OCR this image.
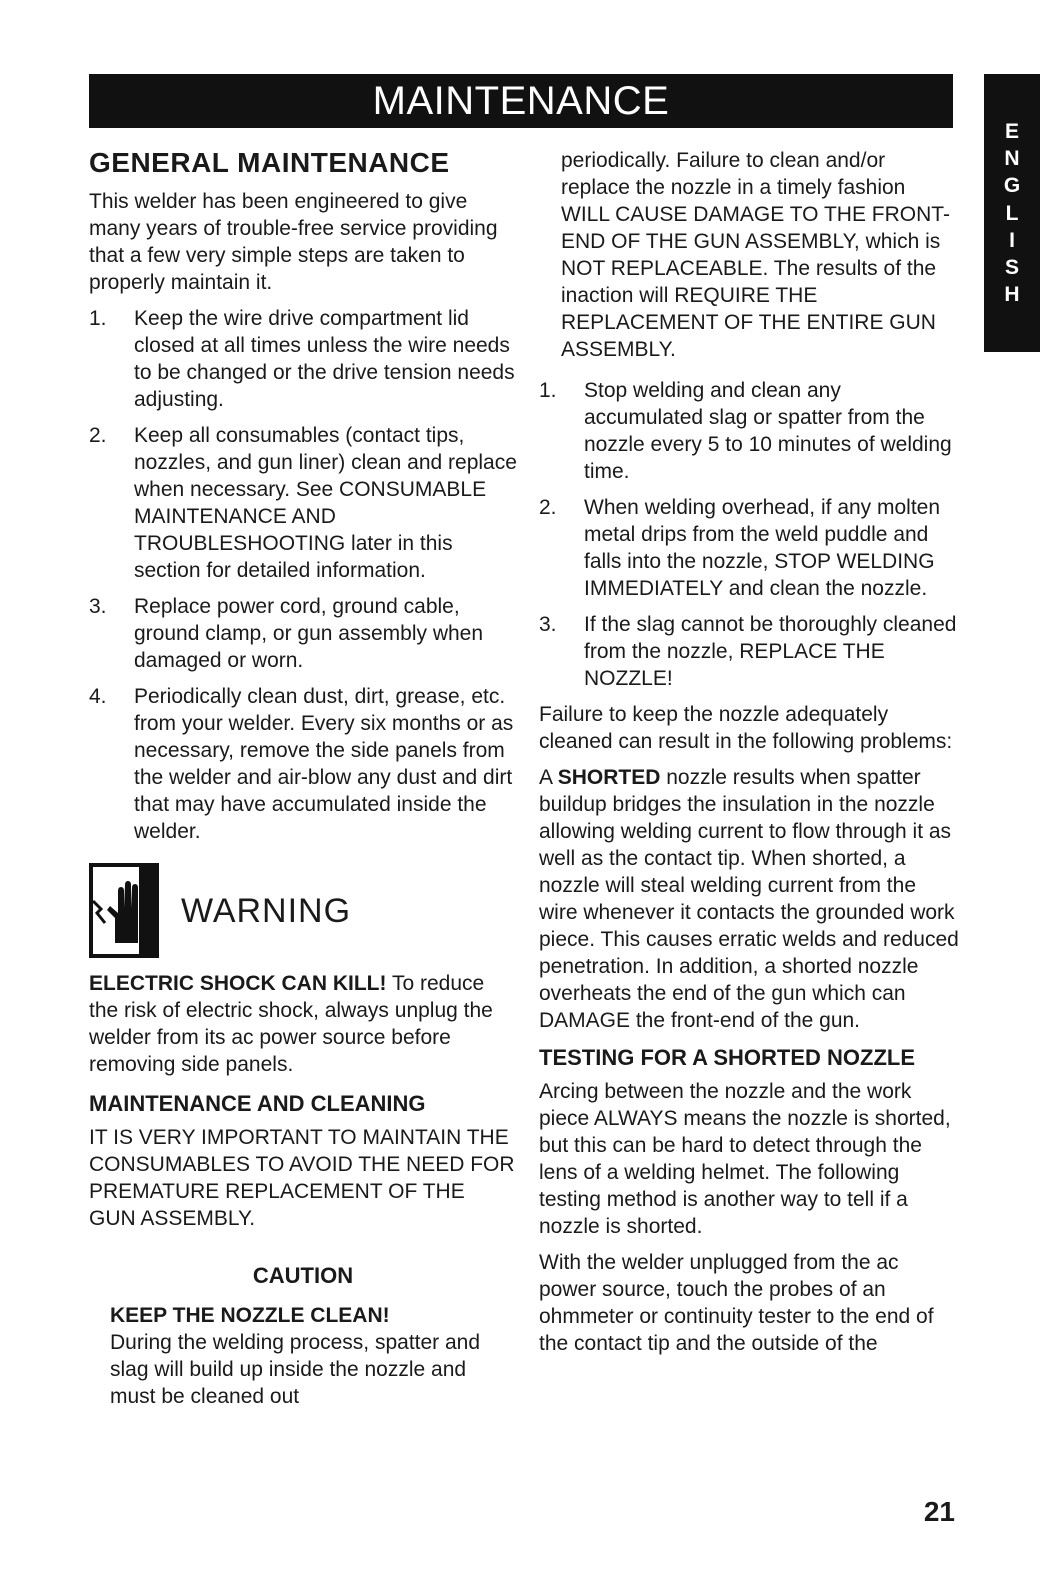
MAINTENANCE
E
N
G
L
I
S
H
GENERAL MAINTENANCE

This welder has been engineered to give many years of trouble-free service providing that a few very simple steps are taken to properly maintain it.

1.	Keep the wire drive compartment lid closed at all times unless the wire needs to be changed or the drive tension needs adjusting.
2.	Keep all consumables (contact tips, nozzles, and gun liner) clean and replace when necessary. See CONSUMABLE MAINTENANCE AND TROUBLESHOOTING later in this section for detailed information.
3.	Replace power cord, ground cable, ground clamp, or gun assembly when damaged or worn.
4.	Periodically clean dust, dirt, grease, etc. from your welder. Every six months or as necessary, remove the side panels from the welder and air-blow any dust and dirt that may have accumulated inside the welder.
WARNING

ELECTRIC SHOCK CAN KILL! To reduce the risk of electric shock, always unplug the welder from its ac power source before removing side panels.

MAINTENANCE AND CLEANING

IT IS VERY IMPORTANT TO MAINTAIN THE CONSUMABLES TO AVOID THE NEED FOR PREMATURE REPLACEMENT OF THE GUN ASSEMBLY.

CAUTION

KEEP THE NOZZLE CLEAN!

During the welding process, spatter and slag will build up inside the nozzle and must be cleaned out

periodically. Failure to clean and/or replace the nozzle in a timely fashion WILL CAUSE DAMAGE TO THE FRONT-END OF THE GUN ASSEMBLY, which is NOT REPLACEABLE. The results of the inaction will REQUIRE THE REPLACEMENT OF THE ENTIRE GUN ASSEMBLY.

1.	Stop welding and clean any accumulated slag or spatter from the nozzle every 5 to 10 minutes of welding time.
2.	When welding overhead, if any molten metal drips from the weld puddle and falls into the nozzle, STOP WELDING IMMEDIATELY and clean the nozzle.
3.	If the slag cannot be thoroughly cleaned from the nozzle, REPLACE THE NOZZLE!

Failure to keep the nozzle adequately cleaned can result in the following problems:

A SHORTED nozzle results when spatter buildup bridges the insulation in the nozzle allowing welding current to flow through it as well as the contact tip. When shorted, a nozzle will steal welding current from the wire whenever it contacts the grounded work piece. This causes erratic welds and reduced penetration. In addition, a shorted nozzle overheats the end of the gun which can DAMAGE the front-end of the gun.

TESTING FOR A SHORTED NOZZLE

Arcing between the nozzle and the work piece ALWAYS means the nozzle is shorted, but this can be hard to detect through the lens of a welding helmet. The following testing method is another way to tell if a nozzle is shorted.

With the welder unplugged from the ac power source, touch the probes of an ohmmeter or continuity tester to the end of the contact tip and the outside of the

21
